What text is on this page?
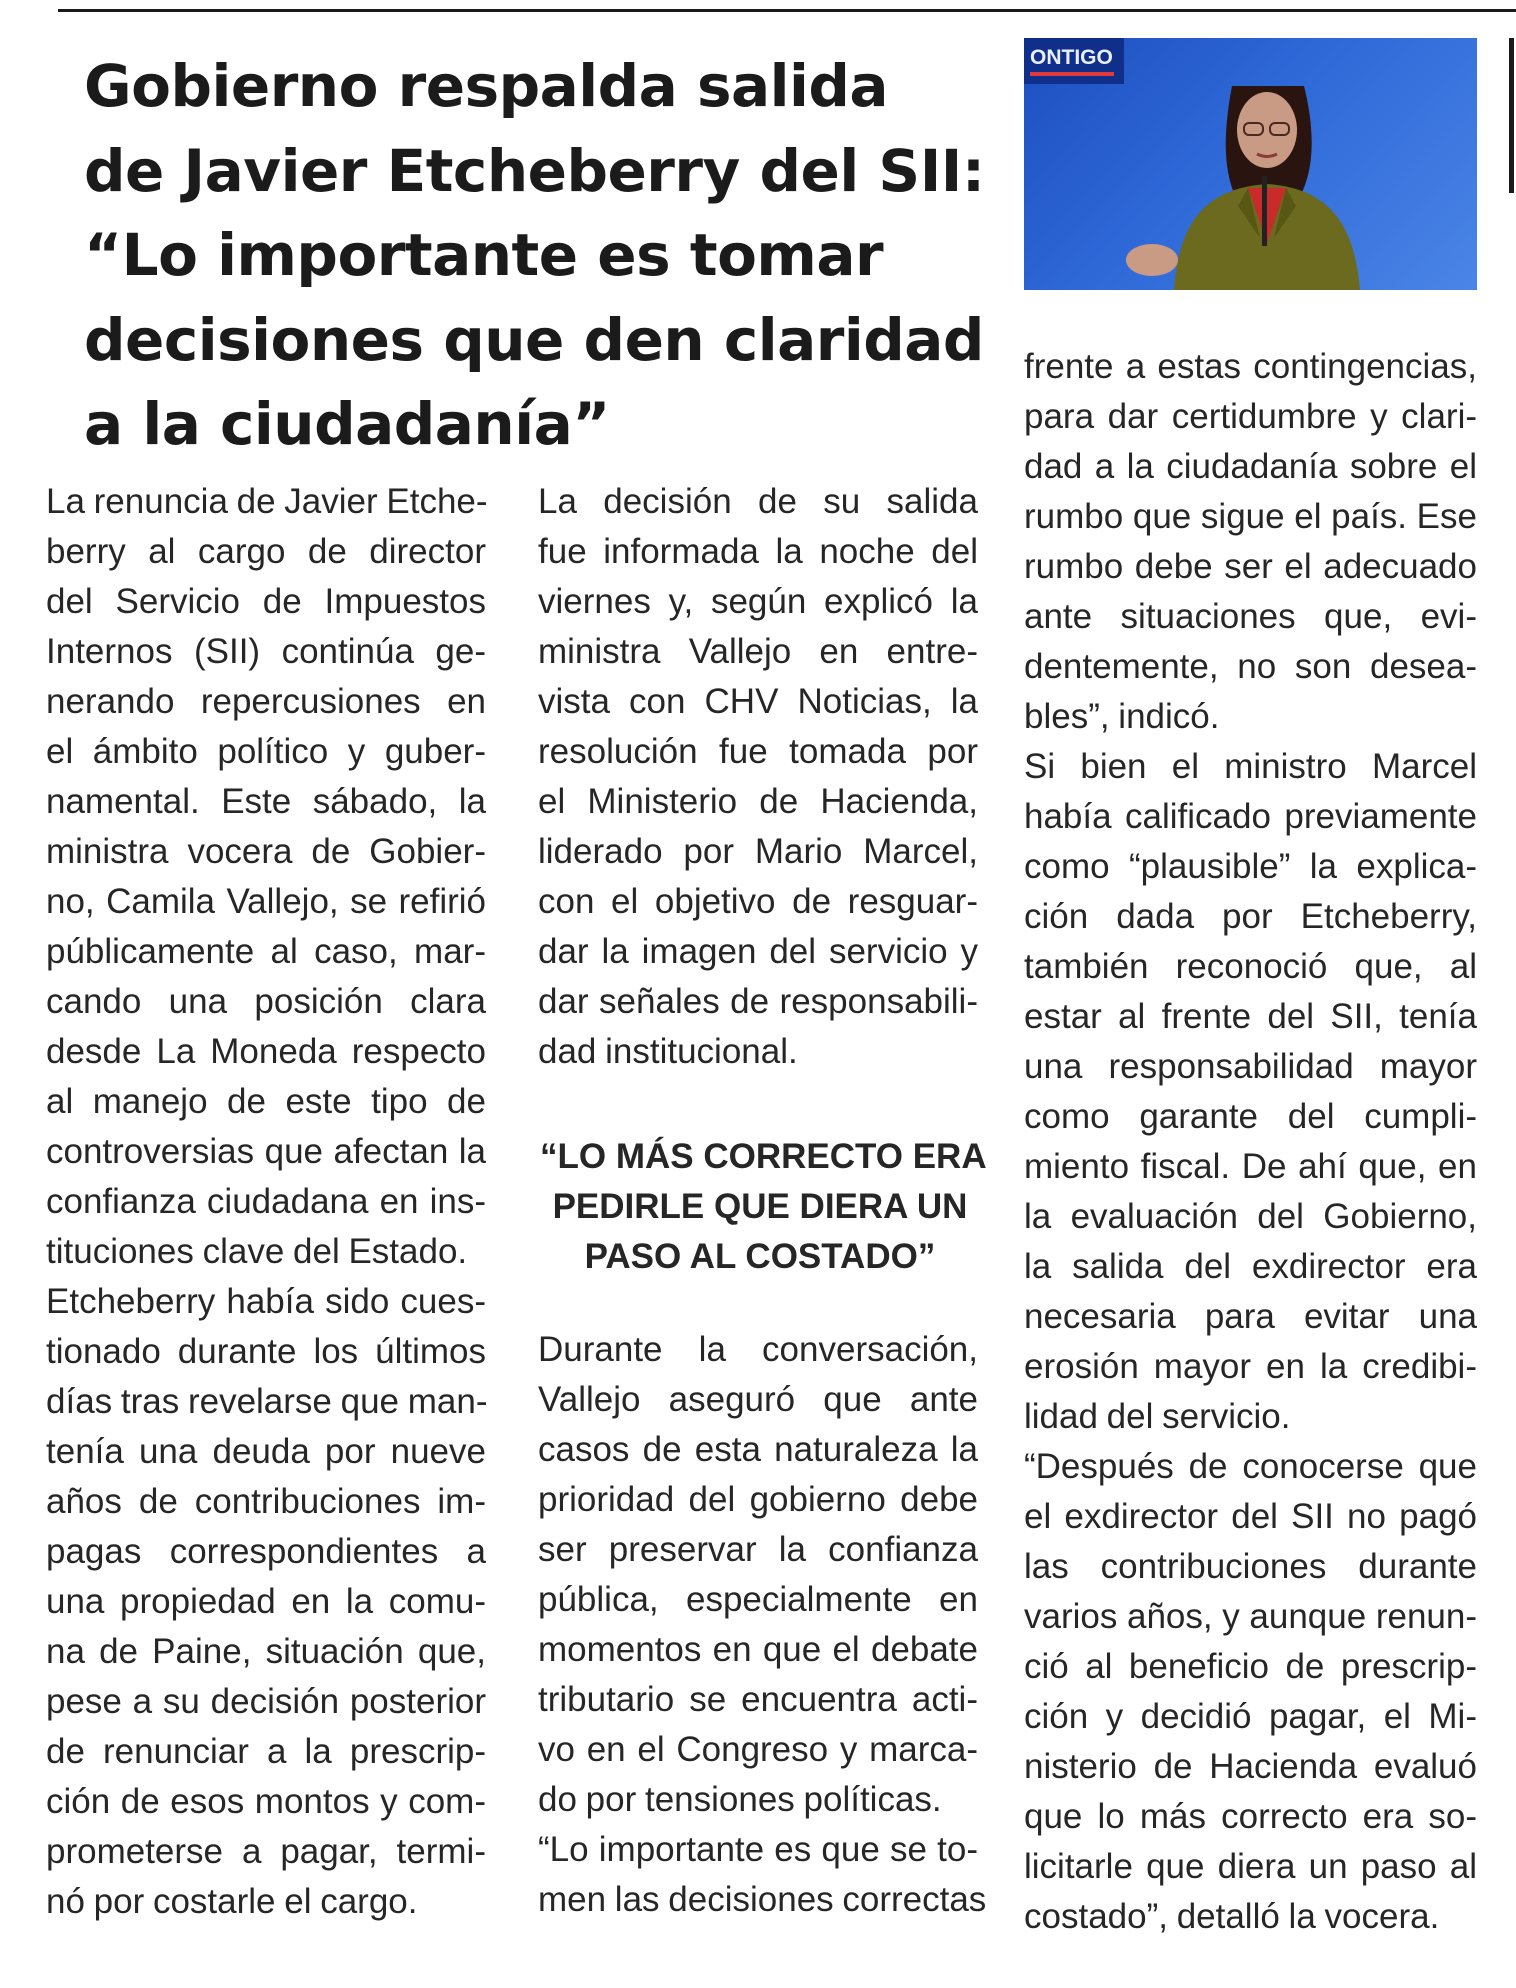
Gobierno respalda salida
de Javier Etcheberry del SII:
“Lo importante es tomar
decisiones que den claridad
a la ciudadanía”
ONTIGO
La renuncia de Javier Etche-
berry al cargo de director
del Servicio de Impuestos
Internos (SII) continúa ge-
nerando repercusiones en
el ámbito político y guber-
namental. Este sábado, la
ministra vocera de Gobier-
no, Camila Vallejo, se refirió
públicamente al caso, mar-
cando una posición clara
desde La Moneda respecto
al manejo de este tipo de
controversias que afectan la
confianza ciudadana en ins-
tituciones clave del Estado.
Etcheberry había sido cues-
tionado durante los últimos
días tras revelarse que man-
tenía una deuda por nueve
años de contribuciones im-
pagas correspondientes a
una propiedad en la comu-
na de Paine, situación que,
pese a su decisión posterior
de renunciar a la prescrip-
ción de esos montos y com-
prometerse a pagar, termi-
nó por costarle el cargo.
La decisión de su salida
fue informada la noche del
viernes y, según explicó la
ministra Vallejo en entre-
vista con CHV Noticias, la
resolución fue tomada por
el Ministerio de Hacienda,
liderado por Mario Marcel,
con el objetivo de resguar-
dar la imagen del servicio y
dar señales de responsabili-
dad institucional.
“LO MÁS CORRECTO ERA
PEDIRLE QUE DIERA UN
PASO AL COSTADO”
Durante la conversación,
Vallejo aseguró que ante
casos de esta naturaleza la
prioridad del gobierno debe
ser preservar la confianza
pública, especialmente en
momentos en que el debate
tributario se encuentra acti-
vo en el Congreso y marca-
do por tensiones políticas.
“Lo importante es que se to-
men las decisiones correctas
frente a estas contingencias,
para dar certidumbre y clari-
dad a la ciudadanía sobre el
rumbo que sigue el país. Ese
rumbo debe ser el adecuado
ante situaciones que, evi-
dentemente, no son desea-
bles”, indicó.
Si bien el ministro Marcel
había calificado previamente
como “plausible” la explica-
ción dada por Etcheberry,
también reconoció que, al
estar al frente del SII, tenía
una responsabilidad mayor
como garante del cumpli-
miento fiscal. De ahí que, en
la evaluación del Gobierno,
la salida del exdirector era
necesaria para evitar una
erosión mayor en la credibi-
lidad del servicio.
“Después de conocerse que
el exdirector del SII no pagó
las contribuciones durante
varios años, y aunque renun-
ció al beneficio de prescrip-
ción y decidió pagar, el Mi-
nisterio de Hacienda evaluó
que lo más correcto era so-
licitarle que diera un paso al
costado”, detalló la vocera.
